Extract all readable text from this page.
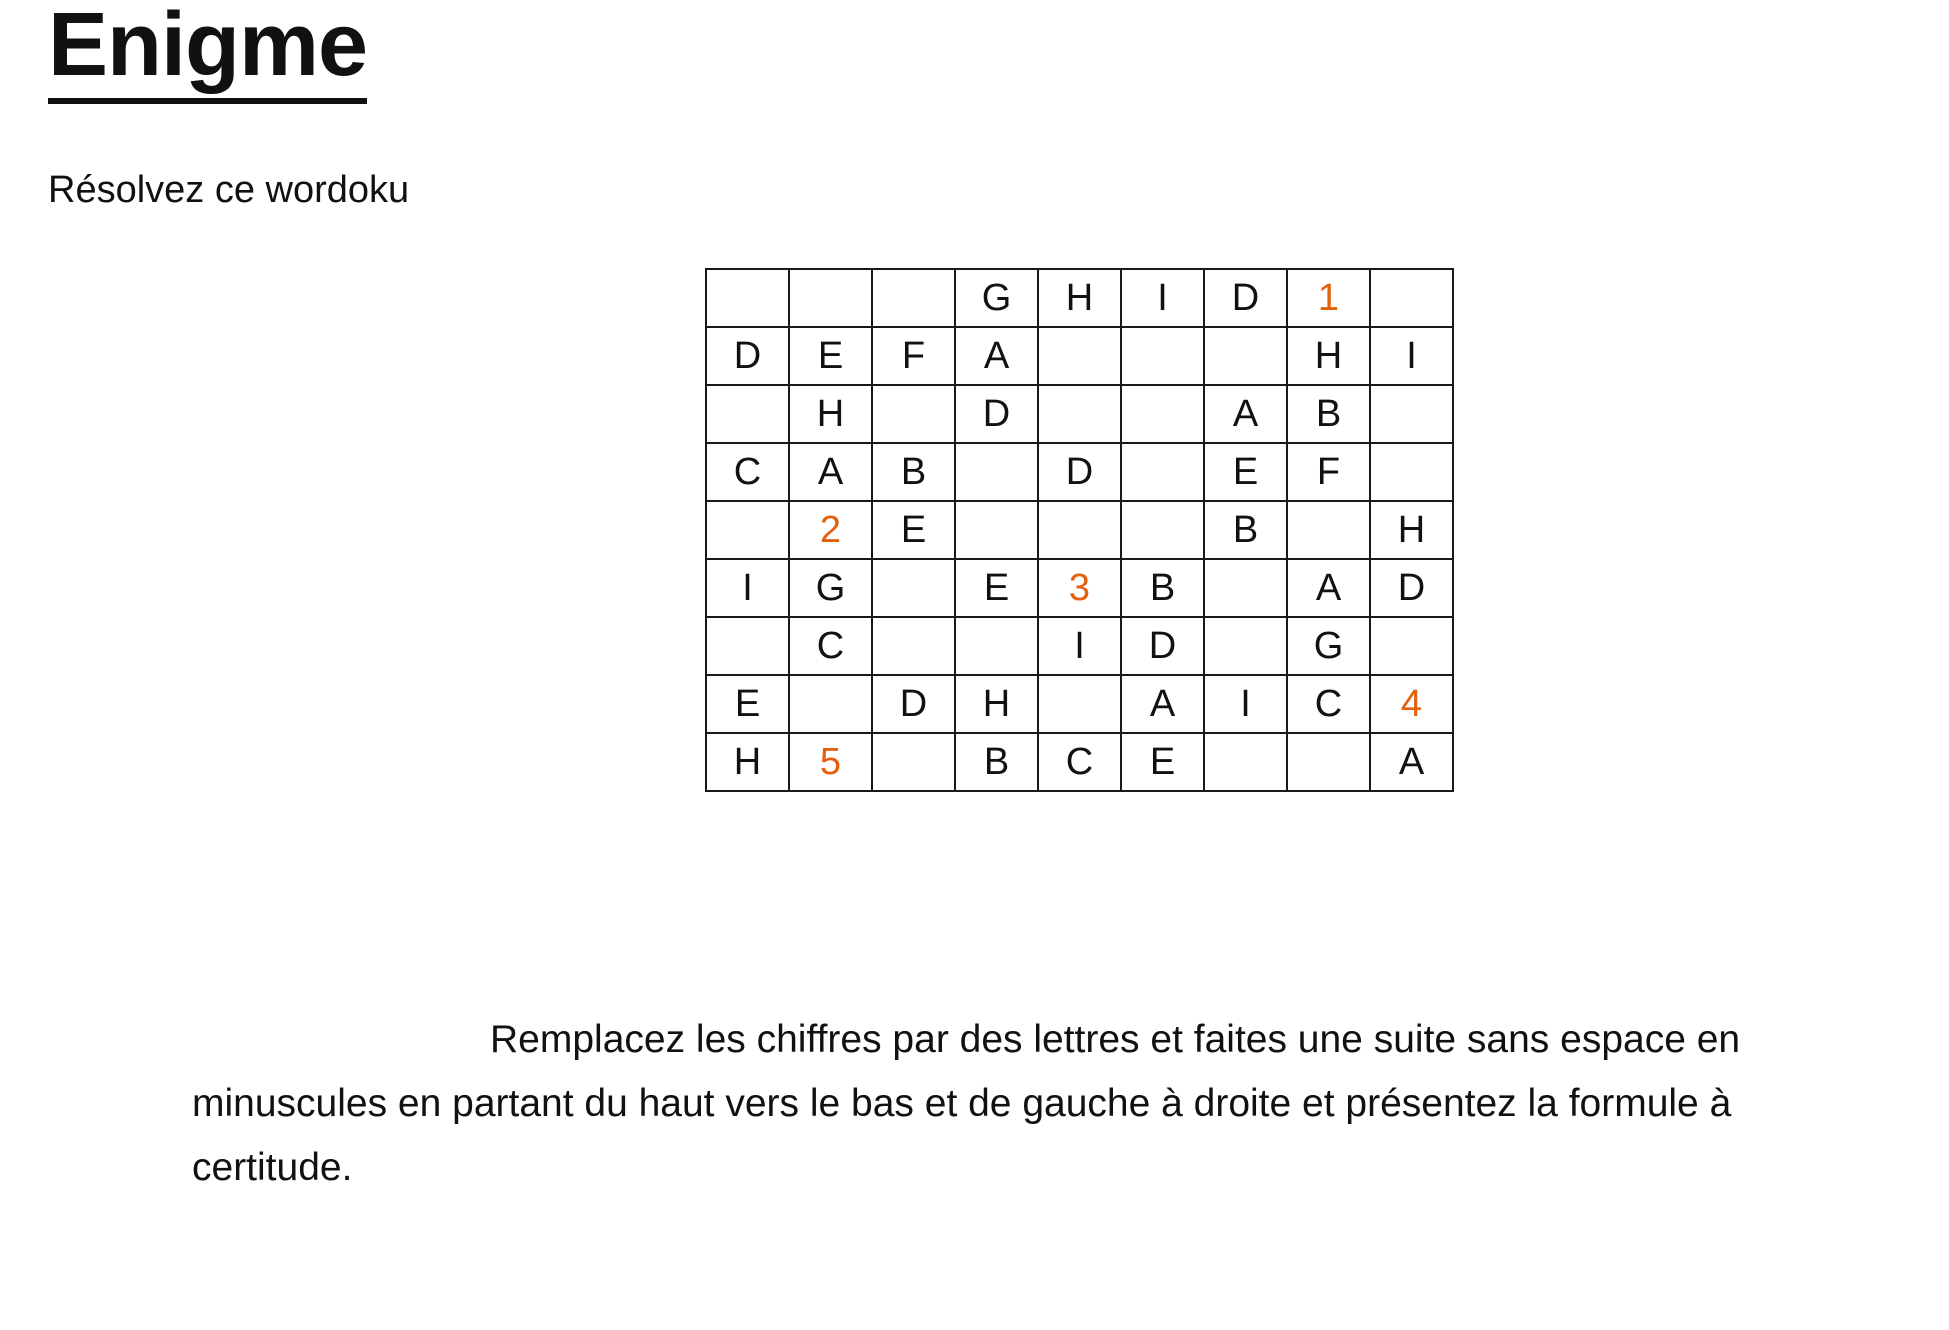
Enigme
Résolvez ce wordoku
			G	H	I	D	1	
D	E	F	A				H	I
	H		D			A	B	
C	A	B		D		E	F	
	2	E				B		H
I	G		E	3	B		A	D
	C			I	D		G	
E		D	H		A	I	C	4
H	5		B	C	E			A
Remplacez les chiffres par des lettres et faites une suite sans espace en minuscules en partant du haut vers le bas et de gauche à droite et présentez la formule à certitude.
